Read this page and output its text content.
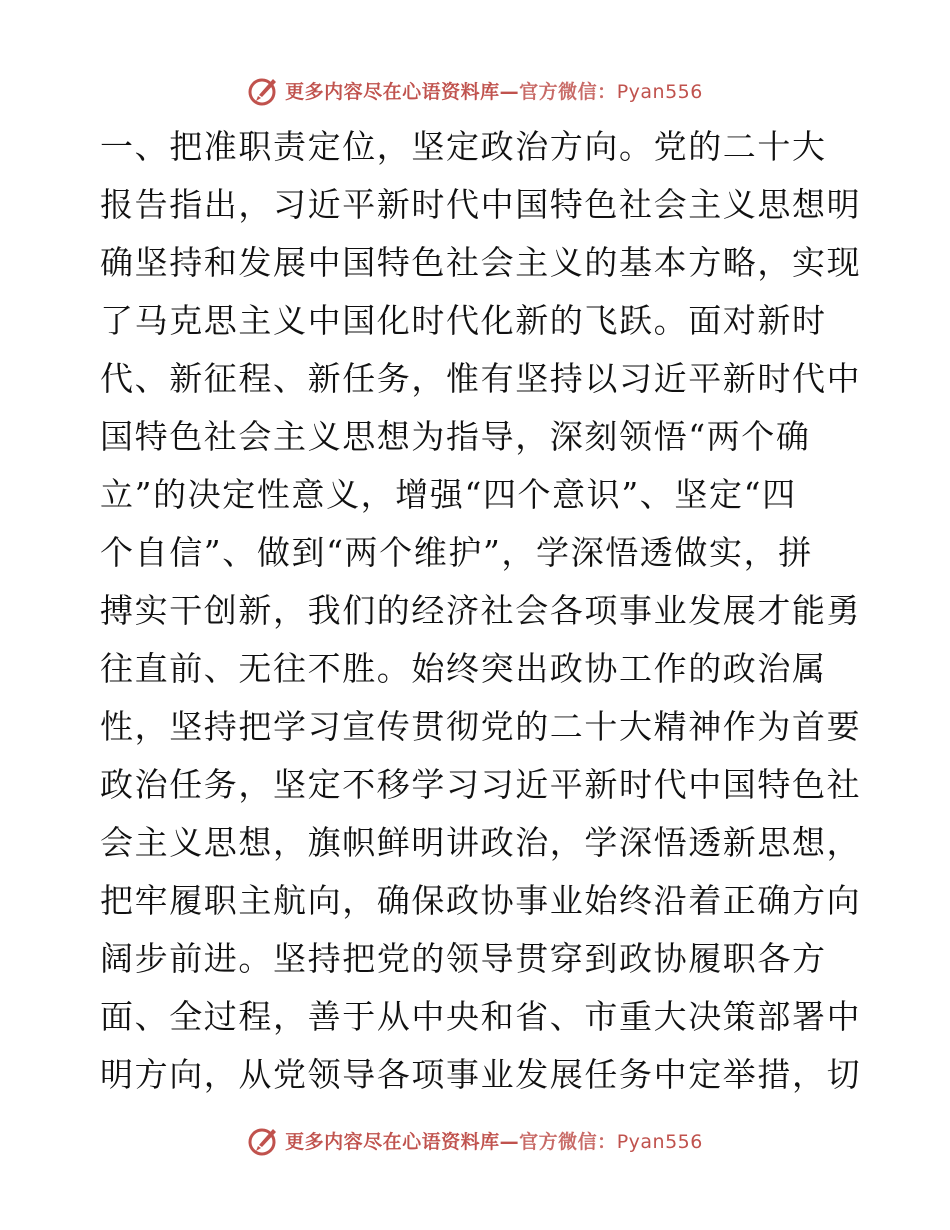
更多内容尽在心语资料库—官方微信：Pyan556
一、把准职责定位，坚定政治方向。党的二十大
报告指出，习近平新时代中国特色社会主义思想明
确坚持和发展中国特色社会主义的基本方略，实现
了马克思主义中国化时代化新的飞跃。面对新时
代、新征程、新任务，惟有坚持以习近平新时代中
国特色社会主义思想为指导，深刻领悟“两个确
立”的决定性意义，增强“四个意识”、坚定“四
个自信”、做到“两个维护”，学深悟透做实，拼
搏实干创新，我们的经济社会各项事业发展才能勇
往直前、无往不胜。始终突出政协工作的政治属
性，坚持把学习宣传贯彻党的二十大精神作为首要
政治任务，坚定不移学习习近平新时代中国特色社
会主义思想，旗帜鲜明讲政治，学深悟透新思想，
把牢履职主航向，确保政协事业始终沿着正确方向
阔步前进。坚持把党的领导贯穿到政协履职各方
面、全过程，善于从中央和省、市重大决策部署中
明方向，从党领导各项事业发展任务中定举措，切
更多内容尽在心语资料库—官方微信：Pyan556
